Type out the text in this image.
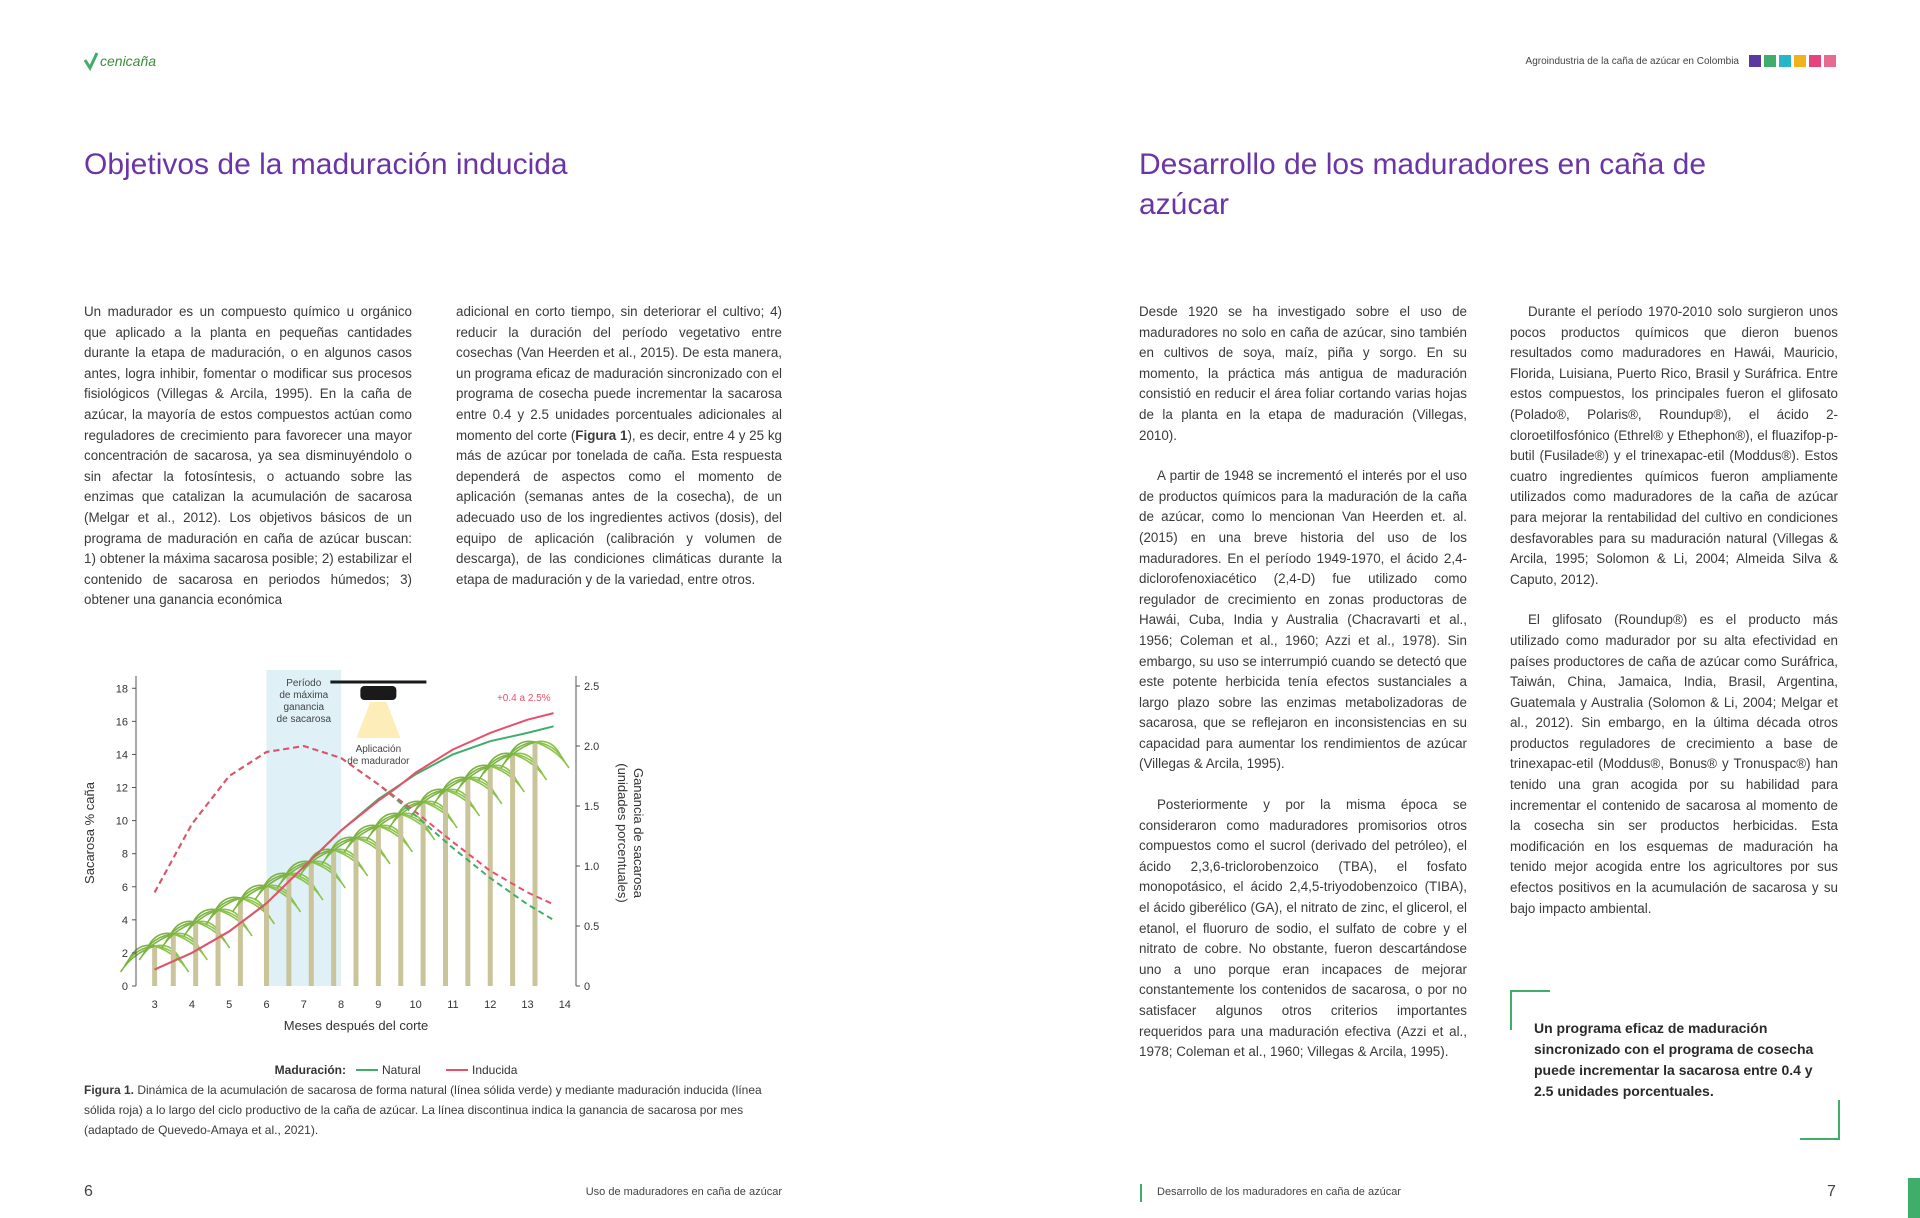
cenicaña
Objetivos de la maduración inducida

Un madurador es un compuesto químico u orgánico que aplicado a la planta en pequeñas cantidades durante la etapa de maduración, o en algunos casos antes, logra inhibir, fomentar o modificar sus procesos fisiológicos (Villegas & Arcila, 1995). En la caña de azúcar, la mayoría de estos compuestos actúan como reguladores de crecimiento para favorecer una mayor concentración de sacarosa, ya sea disminuyéndolo o sin afectar la fotosíntesis, o actuando sobre las enzimas que catalizan la acumulación de sacarosa (Melgar et al., 2012). Los objetivos básicos de un programa de maduración en caña de azúcar buscan: 1) obtener la máxima sacarosa posible; 2) estabilizar el contenido de sacarosa en periodos húmedos; 3) obtener una ganancia económica

adicional en corto tiempo, sin deteriorar el cultivo; 4) reducir la duración del período vegetativo entre cosechas (Van Heerden et al., 2015). De esta manera, un programa eficaz de maduración sincronizado con el programa de cosecha puede incrementar la sacarosa entre 0.4 y 2.5 unidades porcentuales adicionales al momento del corte (Figura 1), es decir, entre 4 y 25 kg más de azúcar por tonelada de caña. Esta respuesta dependerá de aspectos como el momento de aplicación (semanas antes de la cosecha), de un adecuado uso de los ingredientes activos (dosis), del equipo de aplicación (calibración y volumen de descarga), de las condiciones climáticas durante la etapa de maduración y de la variedad, entre otros.

Período
de máxima
ganancia
de sacarosa
0
2
4
6
8
10
12
14
16
18
0
0.5
1.0
1.5
2.0
2.5
3	4	5	6	7	8	9	10 11 12 13 14
Meses después del corte
Sacarosa % caña	Ganancia de sacarosa(unidades porcentuales)
Aplicación
de madurador
+0.4 a 2.5%
Maduración:	Natural	Inducida
Figura 1. Dinámica de la acumulación de sacarosa de forma natural (línea sólida verde) y mediante maduración inducida (línea sólida roja) a lo largo del ciclo productivo de la caña de azúcar. La línea discontinua indica la ganancia de sacarosa por mes (adaptado de Quevedo-Amaya et al., 2021).
6	Uso de maduradores en caña de azúcar
Agroindustria de la caña de azúcar en Colombia
Desarrollo de los maduradores en caña de azúcar

Desde 1920 se ha investigado sobre el uso de maduradores no solo en caña de azúcar, sino también en cultivos de soya, maíz, piña y sorgo. En su momento, la práctica más antigua de maduración consistió en reducir el área foliar cortando varias hojas de la planta en la etapa de maduración (Villegas, 2010).

A partir de 1948 se incrementó el interés por el uso de productos químicos para la maduración de la caña de azúcar, como lo mencionan Van Heerden et. al. (2015) en una breve historia del uso de los maduradores. En el período 1949-1970, el ácido 2,4-diclorofenoxiacético (2,4-D) fue utilizado como regulador de crecimiento en zonas productoras de Hawái, Cuba, India y Australia (Chacravarti et al., 1956; Coleman et al., 1960; Azzi et al., 1978). Sin embargo, su uso se interrumpió cuando se detectó que este potente herbicida tenía efectos sustanciales a largo plazo sobre las enzimas metabolizadoras de sacarosa, que se reflejaron en inconsistencias en su capacidad para aumentar los rendimientos de azúcar (Villegas & Arcila, 1995).

Posteriormente y por la misma época se consideraron como maduradores promisorios otros compuestos como el sucrol (derivado del petróleo), el ácido 2,3,6-triclorobenzoico (TBA), el fosfato monopotásico, el ácido 2,4,5-triyodobenzoico (TIBA), el ácido giberélico (GA), el nitrato de zinc, el glicerol, el etanol, el fluoruro de sodio, el sulfato de cobre y el nitrato de cobre. No obstante, fueron descartándose uno a uno porque eran incapaces de mejorar constantemente los contenidos de sacarosa, o por no satisfacer algunos otros criterios importantes requeridos para una maduración efectiva (Azzi et al., 1978; Coleman et al., 1960; Villegas & Arcila, 1995).

Durante el período 1970-2010 solo surgieron unos pocos productos químicos que dieron buenos resultados como maduradores en Hawái, Mauricio, Florida, Luisiana, Puerto Rico, Brasil y Suráfrica. Entre estos compuestos, los principales fueron el glifosato (Polado®, Polaris®, Roundup®), el ácido 2-cloroetilfosfónico (Ethrel® y Ethephon®), el fluazifop-p-butil (Fusilade®) y el trinexapac-etil (Moddus®). Estos cuatro ingredientes químicos fueron ampliamente utilizados como maduradores de la caña de azúcar para mejorar la rentabilidad del cultivo en condiciones desfavorables para su maduración natural (Villegas & Arcila, 1995; Solomon & Li, 2004; Almeida Silva & Caputo, 2012).

El glifosato (Roundup®) es el producto más utilizado como madurador por su alta efectividad en países productores de caña de azúcar como Suráfrica, Taiwán, China, Jamaica, India, Brasil, Argentina, Guatemala y Australia (Solomon & Li, 2004; Melgar et al., 2012). Sin embargo, en la última década otros productos reguladores de crecimiento a base de trinexapac-etil (Moddus®, Bonus® y Tronuspac®) han tenido una gran acogida por su habilidad para incrementar el contenido de sacarosa al momento de la cosecha sin ser productos herbicidas. Esta modificación en los esquemas de maduración ha tenido mejor acogida entre los agricultores por sus efectos positivos en la acumulación de sacarosa y su bajo impacto ambiental.

7
Desarrollo de los maduradores en caña de azúcar
Un programa eficaz de maduración sincronizado con el programa de cosecha puede incrementar la sacarosa entre 0.4 y 2.5 unidades porcentuales.
